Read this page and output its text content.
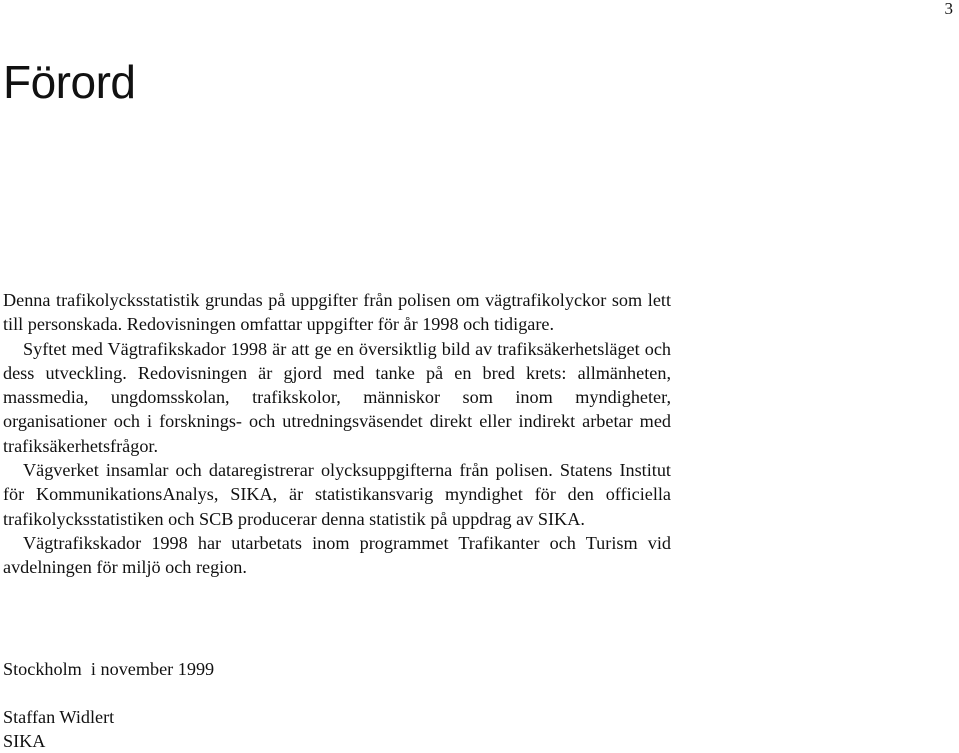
3
Förord

Denna trafikolycksstatistik grundas på uppgifter från polisen om vägtrafikolyckor som lett till personskada. Redovisningen omfattar uppgifter för år 1998 och tidigare.

Syftet med Vägtrafikskador 1998 är att ge en översiktlig bild av trafiksäkerhetsläget och dess utveckling. Redovisningen är gjord med tanke på en bred krets: allmänheten, massmedia, ungdomsskolan, trafikskolor, människor som inom myndigheter, organisationer och i forsknings- och utredningsväsendet direkt eller indirekt arbetar med trafiksäkerhetsfrågor.

Vägverket insamlar och dataregistrerar olycksuppgifterna från polisen. Statens Institut för KommunikationsAnalys, SIKA, är statistikansvarig myndighet för den officiella trafikolycksstatistiken och SCB producerar denna statistik på uppdrag av SIKA.

Vägtrafikskador 1998 har utarbetats inom programmet Trafikanter och Turism vid avdelningen för miljö och region.

Stockholm  i november 1999
Staffan Widlert
SIKA
